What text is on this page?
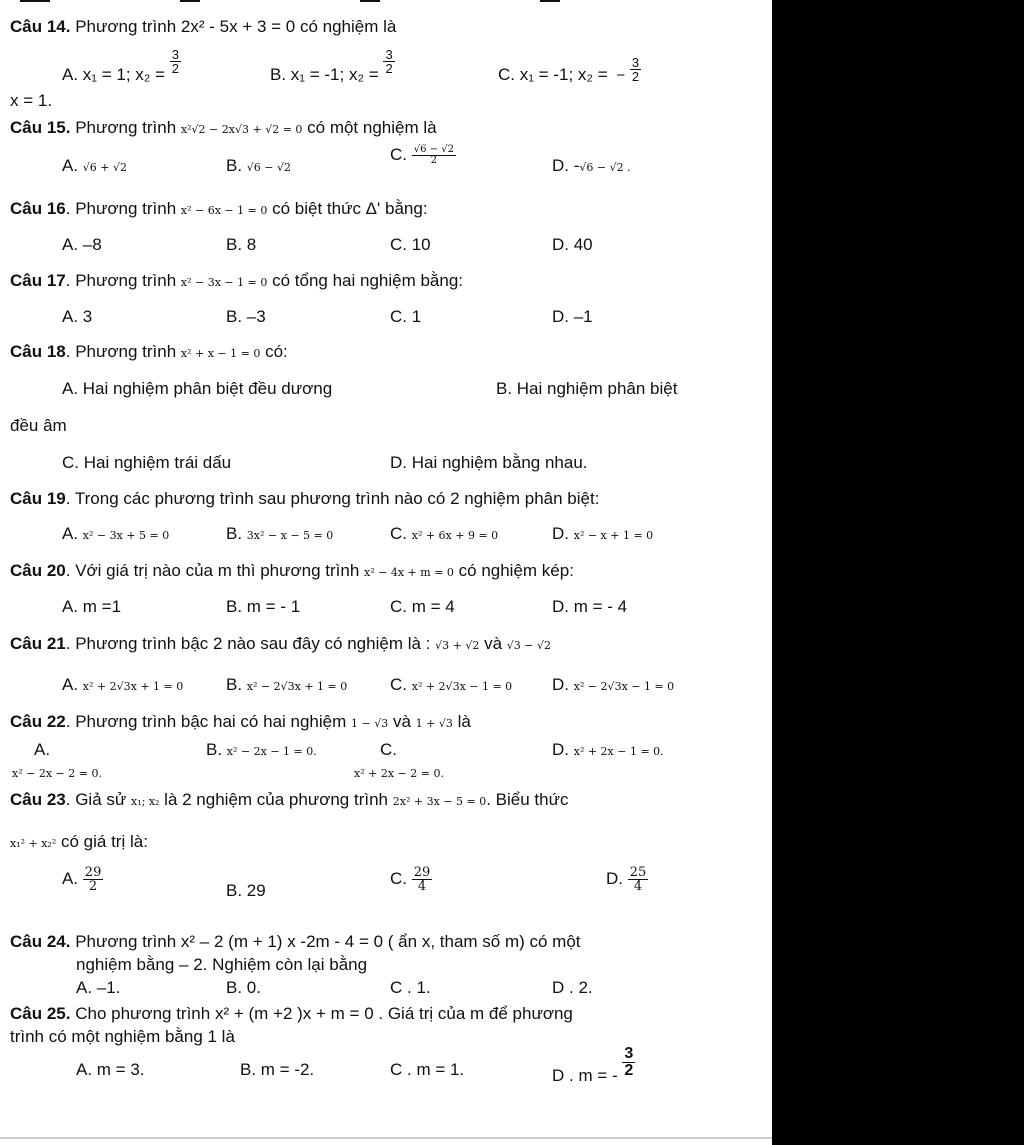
Câu 14. Phương trình 2x² - 5x + 3 = 0 có nghiệm là
A. x₁ = 1; $x_2 = \frac{3}{2}$	B. x₁ = -1; $x_2 = \frac{3}{2}$	C. x₁ = -1; x₂ = − $\frac{3}{2}$
x = 1.
Câu 15. Phương trình x²√2 − 2x√3 + √2 = 0 có một nghiệm là
A. √6 + √2	B. √6 − √2
C. $\frac{√6 - √2}{2}$	D. -√6 − √2 .
Câu 16. Phương trình x² − 6x − 1 = 0 có biệt thức Δ' bằng:
A. –8	B. 8	C. 10	D. 40
Câu 17. Phương trình x² − 3x − 1 = 0 có tổng hai nghiệm bằng:
A. 3	B. –3	C. 1	D. –1
Câu 18. Phương trình x² + x − 1 = 0 có:
A. Hai nghiệm phân biệt đều dương	B. Hai nghiệm phân biệt
đều âm
C. Hai nghiệm trái dấu	D. Hai nghiệm bằng nhau.
Câu 19. Trong các phương trình sau phương trình nào có 2 nghiệm phân biệt:
A. x² − 3x + 5 = 0	B. 3x² − x − 5 = 0	C. x² + 6x + 9 = 0	D. x² − x + 1 = 0
Câu 20. Với giá trị nào của m thì phương trình x² − 4x + m = 0 có nghiệm kép:
A. m =1	B. m = - 1	C. m = 4	D. m = - 4
Câu 21. Phương trình bậc 2 nào sau đây có nghiệm là : √3 + √2 và √3 − √2
A. x² + 2√3x + 1 = 0	B. x² − 2√3x + 1 = 0	C. x² + 2√3x − 1 = 0 D. x² − 2√3x − 1 = 0
Câu 22. Phương trình bậc hai có hai nghiệm 1 − √3 và 1 + √3 là
A.
x² − 2x − 2 = 0.
B. x² − 2x − 1 = 0.	C.
x² + 2x − 2 = 0.
D. x² + 2x − 1 = 0.
Câu 23. Giả sử x₁; x₂ là 2 nghiệm của phương trình 2x² + 3x − 5 = 0. Biểu thức
x₁² + x₂² có giá trị là:
A. $\frac{29}{2}$	B. 29
C. $\frac{29}{4}$	D. $\frac{25}{4}$
Câu 24. Phương trình x² – 2 (m + 1) x -2m - 4 = 0 ( ẩn x, tham số m) có một
nghiệm bằng – 2. Nghiệm còn lại bằng
A. –1.	B. 0.	C . 1.	D . 2.
Câu 25. Cho phương trình x² + (m +2 )x + m = 0 . Giá trị của m để phương
trình có một nghiệm bằng 1 là
A. m = 3.	B. m = -2.	C . m = 1.	D . m = - $\frac{3}{2}$
